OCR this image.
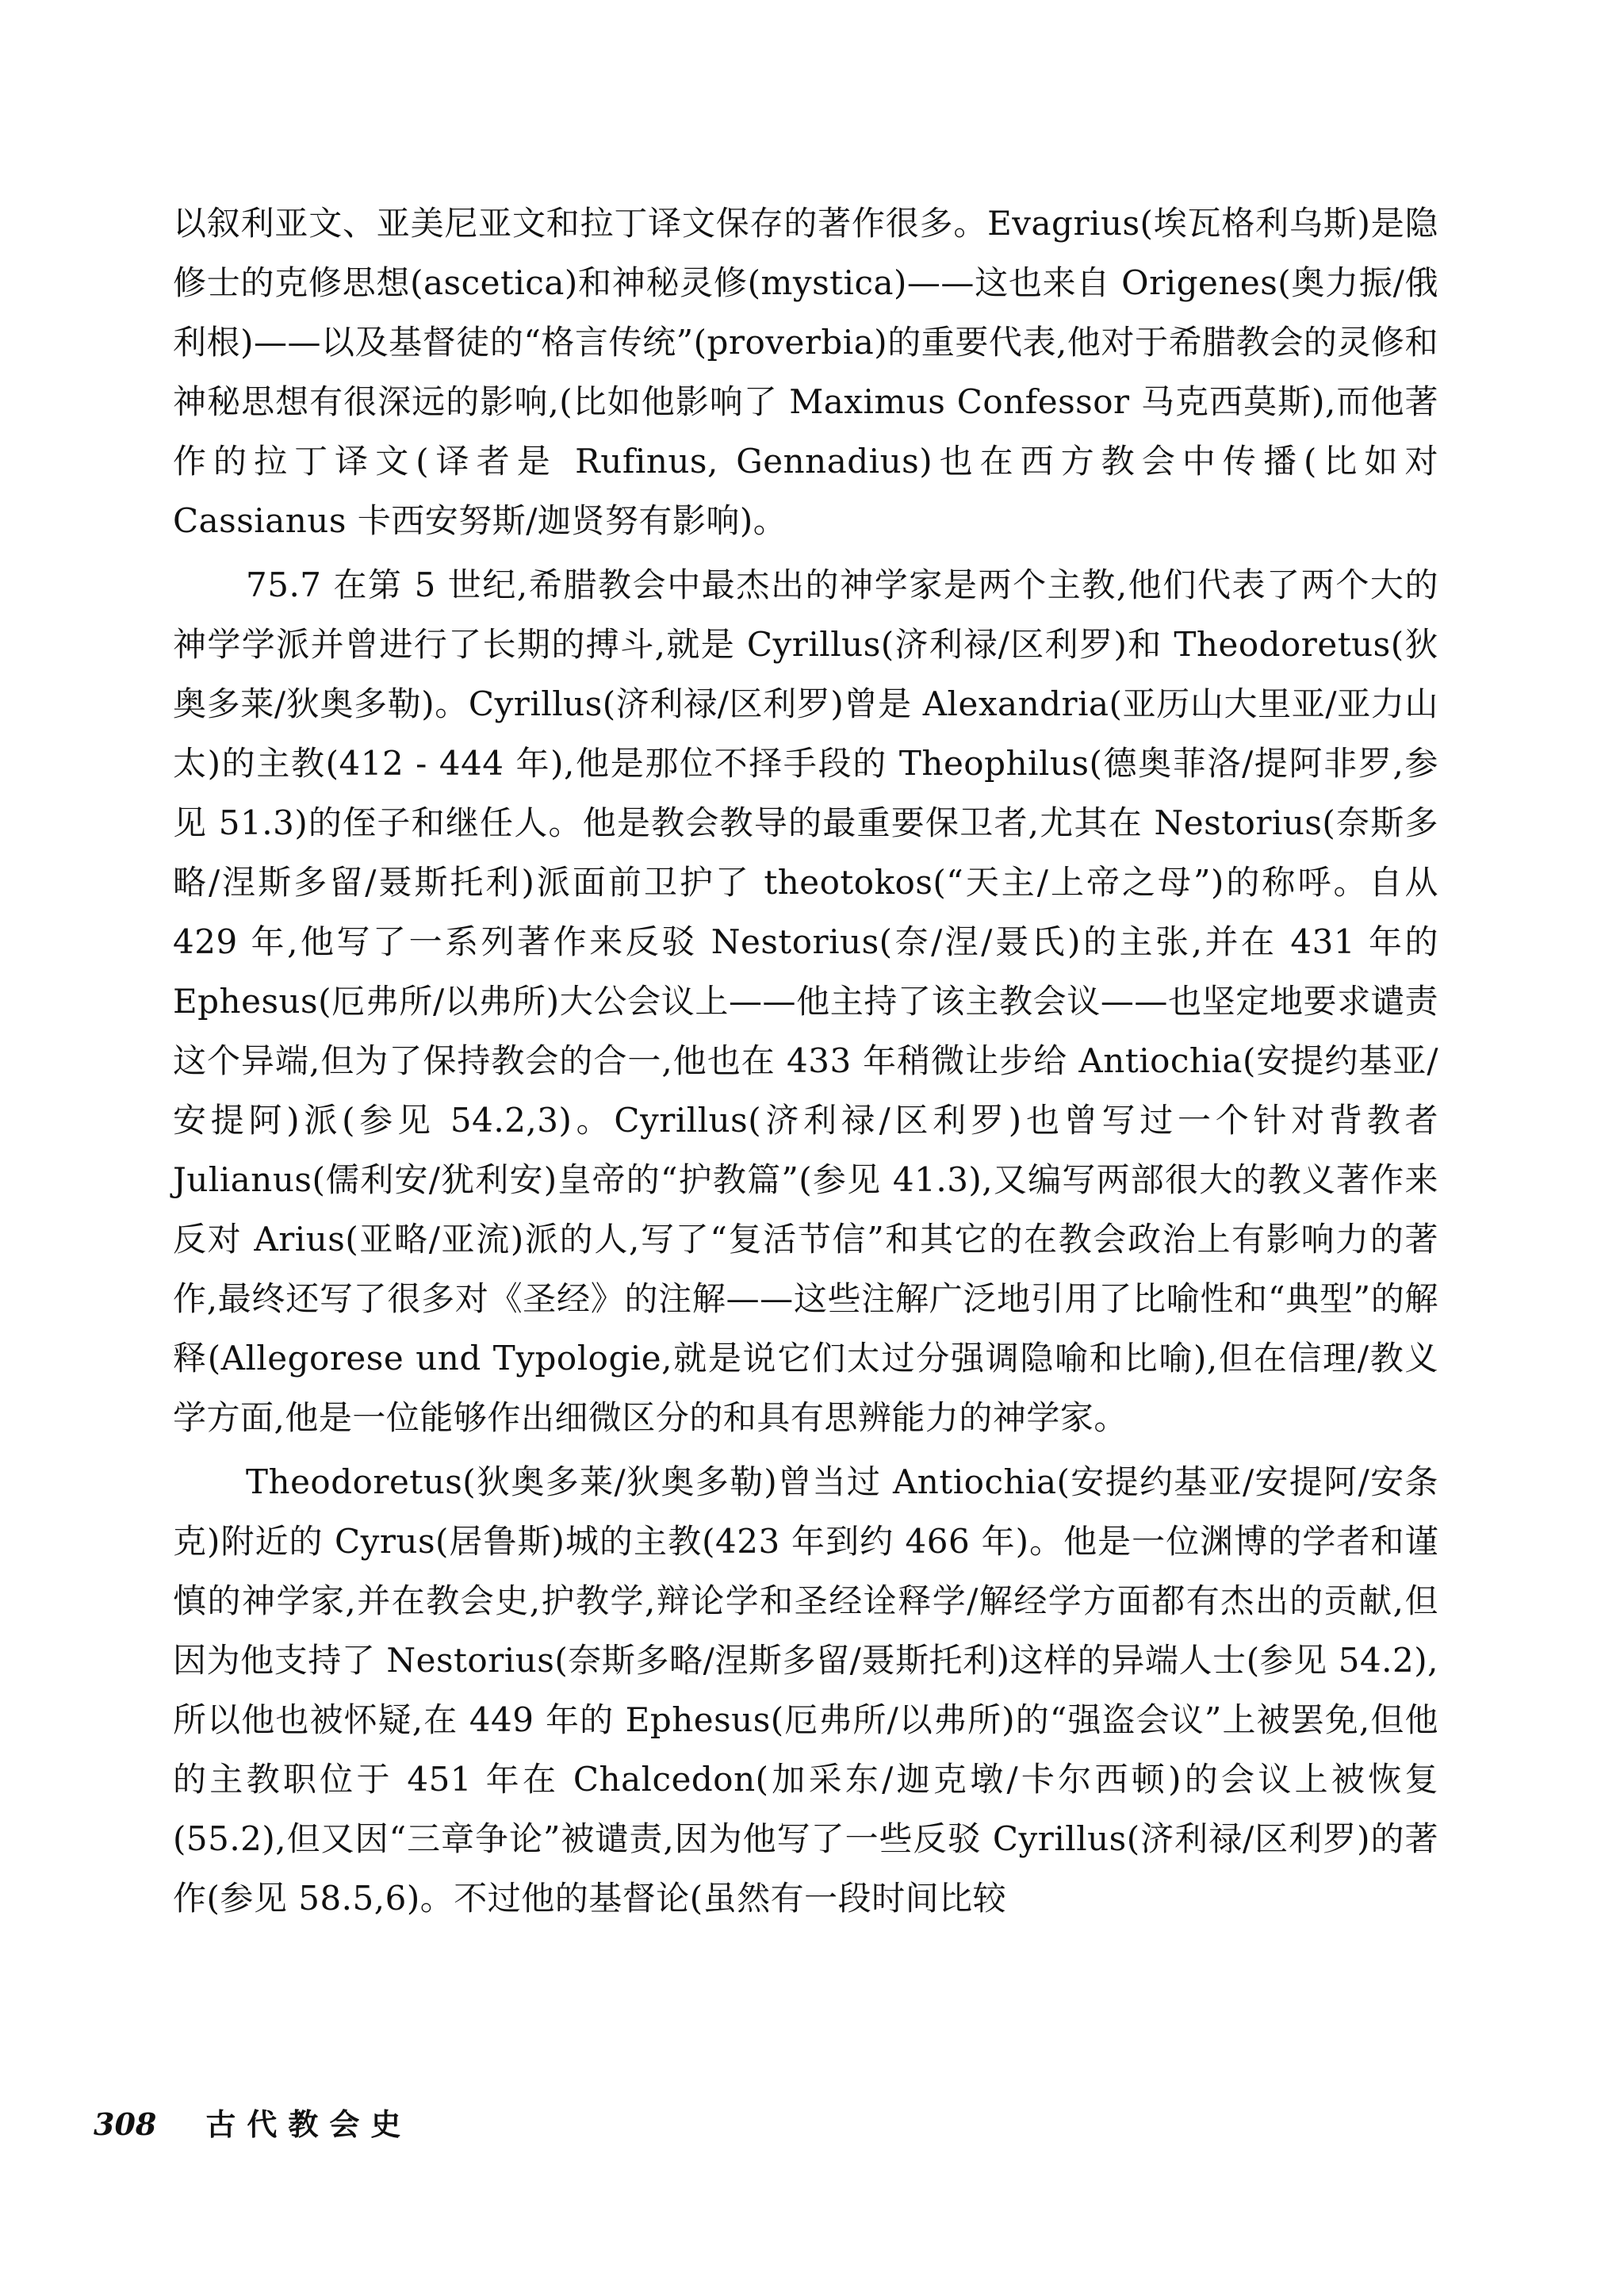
以叙利亚文、亚美尼亚文和拉丁译文保存的著作很多。Evagrius(埃瓦格利乌斯)是隐修士的克修思想(ascetica)和神秘灵修(mystica)——这也来自 Origenes(奥力振/俄利根)——以及基督徒的“格言传统”(proverbia)的重要代表,他对于希腊教会的灵修和神秘思想有很深远的影响,(比如他影响了 Maximus Confessor 马克西莫斯),而他著作的拉丁译文(译者是 Rufinus, Gennadius)也在西方教会中传播(比如对 Cassianus 卡西安努斯/迦贤努有影响)。

75.7 在第 5 世纪,希腊教会中最杰出的神学家是两个主教,他们代表了两个大的神学学派并曾进行了长期的搏斗,就是 Cyrillus(济利禄/区利罗)和 Theodoretus(狄奥多莱/狄奥多勒)。Cyrillus(济利禄/区利罗)曾是 Alexandria(亚历山大里亚/亚力山太)的主教(412 - 444 年),他是那位不择手段的 Theophilus(德奥菲洛/提阿非罗,参见 51.3)的侄子和继任人。他是教会教导的最重要保卫者,尤其在 Nestorius(奈斯多略/涅斯多留/聂斯托利)派面前卫护了 theotokos(“天主/上帝之母”)的称呼。自从 429 年,他写了一系列著作来反驳 Nestorius(奈/涅/聂氏)的主张,并在 431 年的 Ephesus(厄弗所/以弗所)大公会议上——他主持了该主教会议——也坚定地要求谴责这个异端,但为了保持教会的合一,他也在 433 年稍微让步给 Antiochia(安提约基亚/安提阿)派(参见 54.2,3)。Cyrillus(济利禄/区利罗)也曾写过一个针对背教者 Julianus(儒利安/犹利安)皇帝的“护教篇”(参见 41.3),又编写两部很大的教义著作来反对 Arius(亚略/亚流)派的人,写了“复活节信”和其它的在教会政治上有影响力的著作,最终还写了很多对《圣经》的注解——这些注解广泛地引用了比喻性和“典型”的解释(Allegorese und Typologie,就是说它们太过分强调隐喻和比喻),但在信理/教义学方面,他是一位能够作出细微区分的和具有思辨能力的神学家。

Theodoretus(狄奥多莱/狄奥多勒)曾当过 Antiochia(安提约基亚/安提阿/安条克)附近的 Cyrus(居鲁斯)城的主教(423 年到约 466 年)。他是一位渊博的学者和谨慎的神学家,并在教会史,护教学,辩论学和圣经诠释学/解经学方面都有杰出的贡献,但因为他支持了 Nestorius(奈斯多略/涅斯多留/聂斯托利)这样的异端人士(参见 54.2),所以他也被怀疑,在 449 年的 Ephesus(厄弗所/以弗所)的“强盗会议”上被罢免,但他的主教职位于 451 年在 Chalcedon(加采东/迦克墩/卡尔西顿)的会议上被恢复(55.2),但又因“三章争论”被谴责,因为他写了一些反驳 Cyrillus(济利禄/区利罗)的著作(参见 58.5,6)。不过他的基督论(虽然有一段时间比较

308 古代教会史
